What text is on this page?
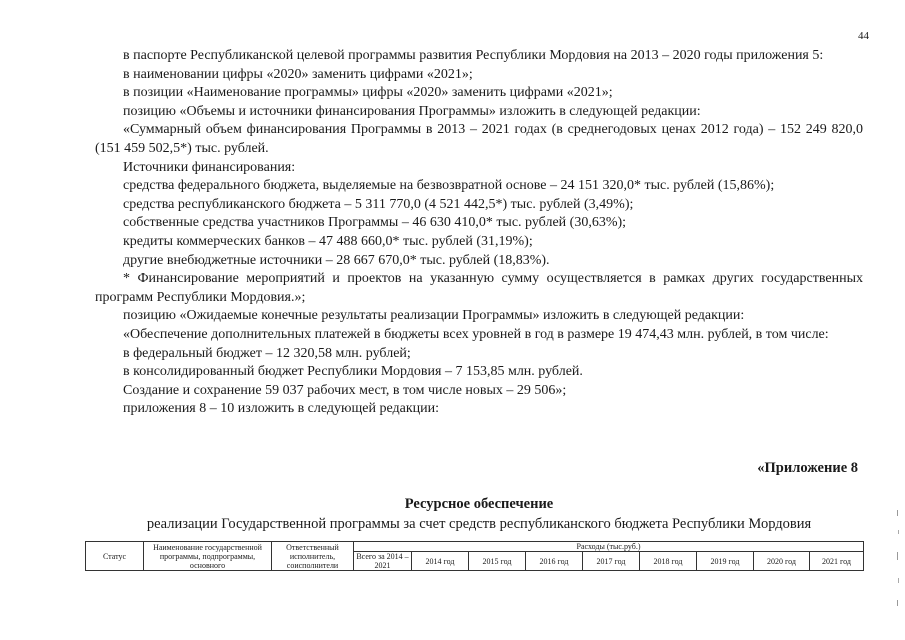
44

в паспорте Республиканской целевой программы развития Республики Мордовия на 2013 – 2020 годы приложения 5:

в наименовании цифры «2020» заменить цифрами «2021»;

в позиции «Наименование программы» цифры «2020» заменить цифрами «2021»;

позицию «Объемы и источники финансирования Программы» изложить в следующей редакции:

«Суммарный объем финансирования Программы в 2013 – 2021 годах (в среднегодовых ценах 2012 года) – 152 249 820,0 (151 459 502,5*) тыс. рублей.

Источники финансирования:

средства федерального бюджета, выделяемые на безвозвратной основе – 24 151 320,0* тыс. рублей (15,86%);

средства республиканского бюджета – 5 311 770,0 (4 521 442,5*) тыс. рублей (3,49%);

собственные средства участников Программы – 46 630 410,0* тыс. рублей (30,63%);

кредиты коммерческих банков – 47 488 660,0* тыс. рублей (31,19%);

другие внебюджетные источники – 28 667 670,0* тыс. рублей (18,83%).

* Финансирование мероприятий и проектов на указанную сумму осуществляется в рамках других государственных программ Республики Мордовия.»;

позицию «Ожидаемые конечные результаты реализации Программы» изложить в следующей редакции:

«Обеспечение дополнительных платежей в бюджеты всех уровней в год в размере 19 474,43 млн. рублей, в том числе:

в федеральный бюджет – 12 320,58 млн. рублей;

в консолидированный бюджет Республики Мордовия – 7 153,85 млн. рублей.

Создание и сохранение 59 037 рабочих мест, в том числе новых – 29 506»;

приложения 8 – 10 изложить в следующей редакции:

«Приложение 8
Ресурсное обеспечение
реализации Государственной программы за счет средств республиканского бюджета Республики Мордовия
Статус	Наименование государственной программы, подпрограммы, основного	Ответственный исполнитель, соисполнители	Расходы (тыс.руб.)								
			Всего за 2014 – 2021	2014 год	2015 год	2016 год	2017 год	2018 год	2019 год	2020 год	2021 год
